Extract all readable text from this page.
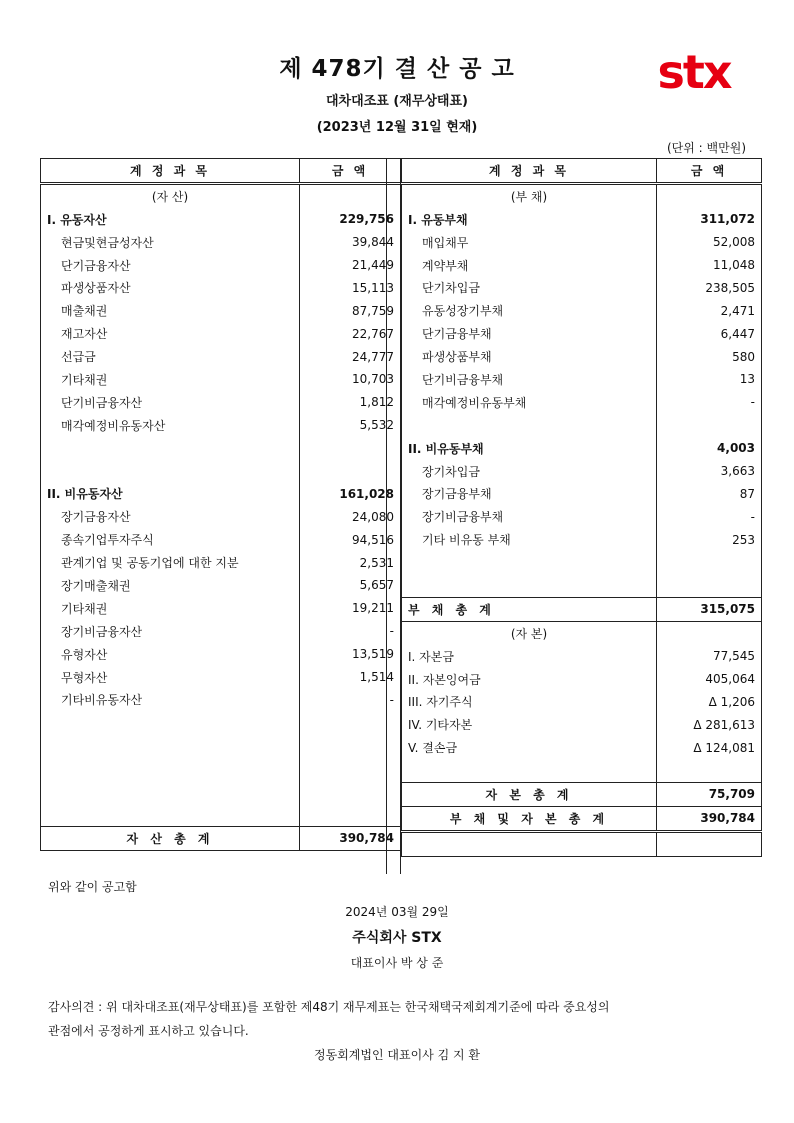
제 478기 결 산 공 고
대차대조표 (재무상태표)
(2023년 12월 31일 현재)
(단위 : 백만원)
stx
계 정 과 목	금 액
(자 산)	
I. 유동자산	229,756
현금및현금성자산	39,844
단기금융자산	21,449
파생상품자산	15,113
매출채권	87,759
재고자산	22,767
선급금	24,777
기타채권	10,703
단기비금융자산	1,812
매각예정비유동자산	5,532

II. 비유동자산	161,028
장기금융자산	24,080
종속기업투자주식	94,516
관계기업 및 공동기업에 대한 지분	2,531
장기매출채권	5,657
기타채권	19,211
장기비금융자산	-
유형자산	13,519
무형자산	1,514
기타비유동자산	-

자 산 총 계	390,784
계 정 과 목	금 액
(부 채)	
I. 유동부채	311,072
매입채무	52,008
계약부채	11,048
단기차입금	238,505
유동성장기부채	2,471
단기금융부채	6,447
파생상품부채	580
단기비금융부채	13
매각예정비유동부채	-

II. 비유동부채	4,003
장기차입금	3,663
장기금융부채	87
장기비금융부채	-
기타 비유동 부채	253

부 채 총 계	315,075
(자 본)	
I. 자본금	77,545
II. 자본잉여금	405,064
III. 자기주식	Δ 1,206
IV. 기타자본	Δ 281,613
V. 결손금	Δ 124,081

자 본 총 계	75,709
부 채 및 자 본 총 계	390,784

위와 같이 공고함
2024년 03월 29일
주식회사 STX
대표이사 박 상 준
감사의견 : 위 대차대조표(재무상태표)를 포함한 제48기 재무제표는 한국채택국제회계기준에 따라 중요성의
관점에서 공정하게 표시하고 있습니다.
정동회계법인 대표이사 김 지 환
